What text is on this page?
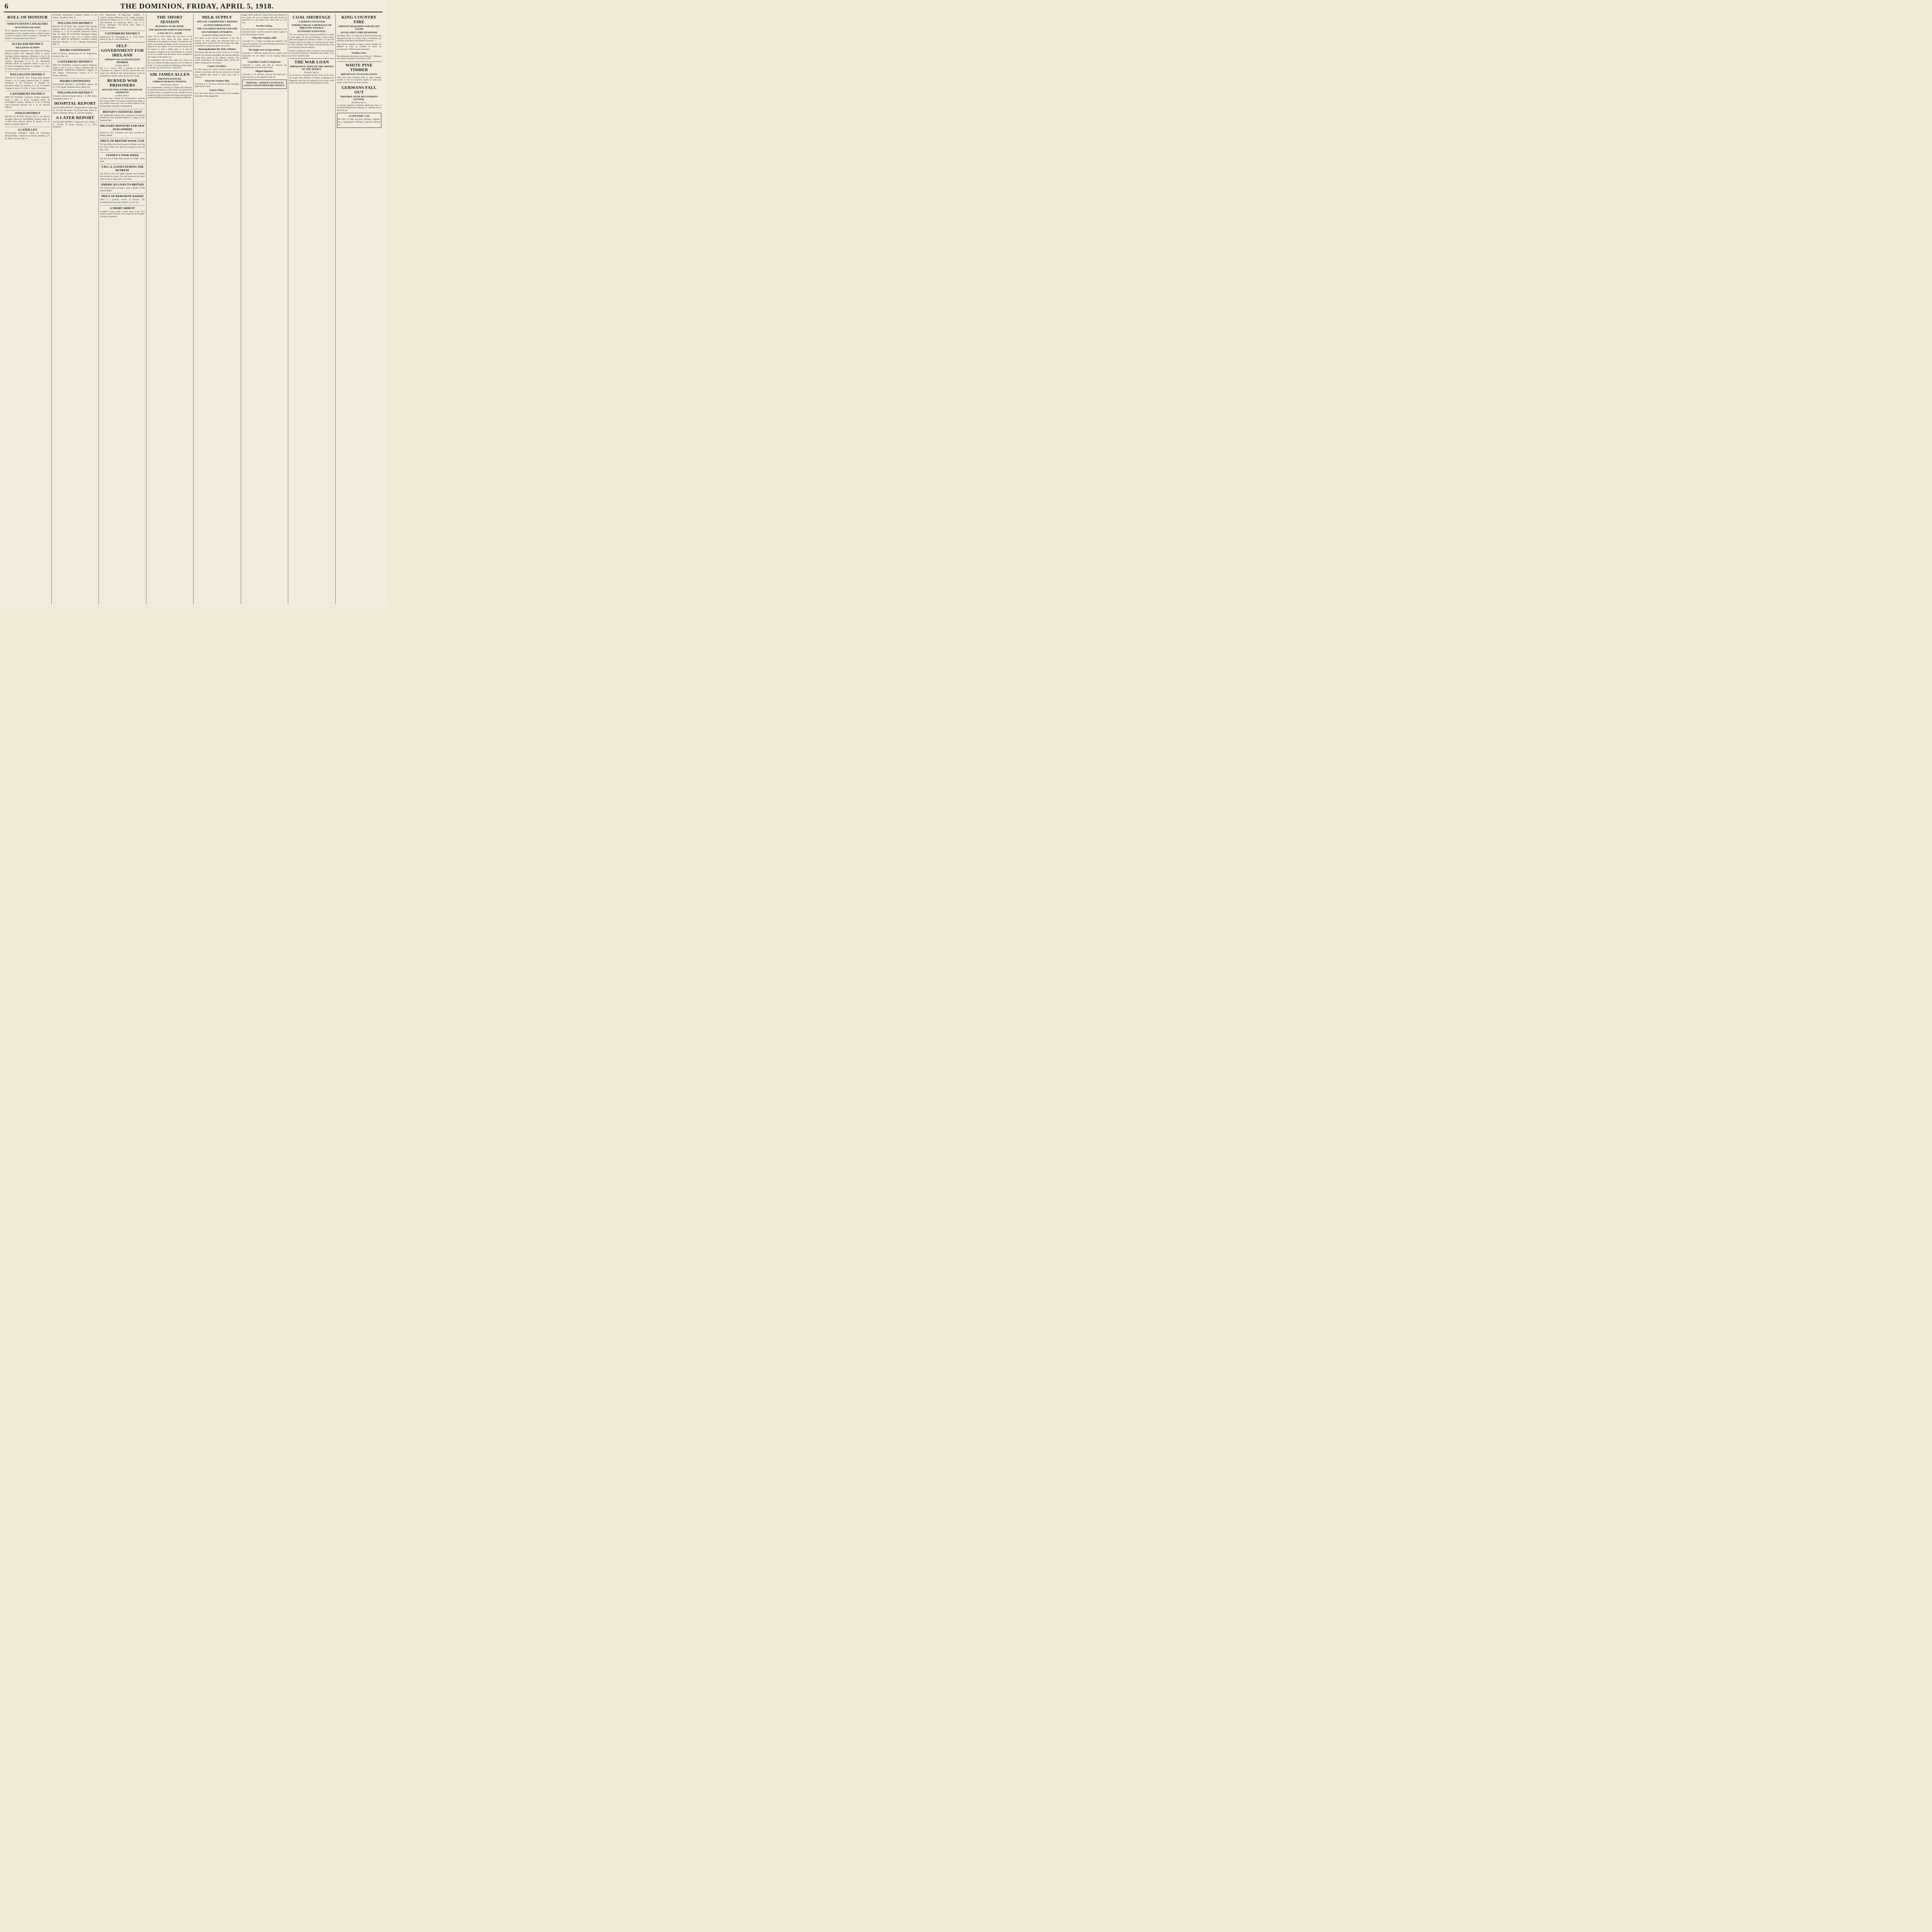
6	THE DOMINION, FRIDAY, APRIL 5, 1918.
ROLL OF HONOUR
NINETY-SEVEN CASUALTIES
SEVENTEEN DEATHS

Of 97 casualties reported yesterday, 17 are deaths. A classification of the casualties follows: Killed in action 5; Died of wounds 4; Died of sickness 1; Wounded 79. Totals 97. Detailed particulars follow:—

AUCKLAND DISTRICT
KILLED IN ACTION

Auckland Infantry Regiment. Prev. Reported Missing, Believed Killed, Now Reported Killed in Action. Auckland Infantry Regiment. M'Kenzie, L.-Cpl. R. B. (Mr. R. M'Kenzie, Otorohi), March 28. WOUNDED. Artillery. Macdonald, F. E. S. (H. Macdonald, Ellerslie), March 29. Engineers. Burns, L.-Cpl. H. C. (G. Burns, Kingsland), March 29. Tennant, T. J. (Mrs. E. Turner, England), March 29.

WELLINGTON DISTRICT

KILLED IN ACTION. New Zealand Rifle Brigade. Cooper, C. (S. S. Cooper, Waipawa), Mar. 27. Artillery. Thompson, S. (D. Thompson, 37 Islington St., Ponsonby), March 29. Bennett, A. E. (E. W. Bennett, Taradale), Carter, A. B. (Mrs. F. Carter, Te Karaka).

CANTERBURY DISTRICT

DIED OF WOUNDS. Canterbury Infantry Regiment. Bruce, J. (Mrs. G. Bruce, Scotland), March 30. WOUNDED. Artillery. Herring, E. A. (F. F. Herring, Cape Foulwind), Ricketts, Sdr. C. N. (E. Ricketts, Rakino).

OTAGO DISTRICT

KILLED IN ACTION. Record, Cpl. A. (A. Record, Dunedin), March 29. WOUNDED. Artillery. Allan, W. J. (Miss Allan, Roslyn), March 29. Bunter, J. R. (J. Bunter, Scotland), March 29.

A LATER LIST

AUCKLAND DISTRICT. DIED OF WOUNDS. Mounted Rifles—Machine Gun Section. Brikshaw, J. P. (E. Mayor, Victoria, Apr. 1).

Divisional Employment Company. Allison, A. (H. Allison, Wyndham), Mar. 31.

WELLINGTON DISTRICT

KILLED IN ACTION. New Zealand Rifle Brigade. Hopkins, 2nd Lt. V. P. (A. P. Hopkins, Bulls), Mar. 31. Lancaster, G. C. (E. B. Lancaster, Palmerston North), Mar. 29. DIED OF WOUNDS. Wellington Infantry Regiment. Jackson, L.-Sgt. J. (C. E. Jackson, India), Mar. 31. DIED OF SICKNESS. Canterbury Infantry Regiment. Morgan, J. S. (W. J. Morgan, Dannevirke), Mar. 31.

MAORI CONTINGENT

Died of Sickness. Rangitawhiti, W. (E. Rangitawhiti, Korinioti, Mar. 31).

CANTERBURY DISTRICT

DIED OF SICKNESS. Canterbury Infantry Regiment. Tanks, L.-Cpl. A. E. (E. G. Tanks, St. Albans), Mar. 30. WOUNDED, ADMITTED HOSPITAL. Elggins, W. (Mr. Elggins, Christchurch). Gordon, R. G. (A. Gordon, Balmain).

MAORI CONTINGENT

AUCKLAND DISTRICT. WOUNDED. Ngatai, 2nd Lt. T. (H. Ngatai, Whakarewarewa, March 31).

WELLINGTON DISTRICT

Wounded, Admitted Hospital. Rikes, L. H. (Mrs. Rikes, Porangahau), March 31.

HOSPITAL REPORT

AUCKLAND DISTRICT. Dangerously Ill. Olsen, Sgt. W., 12/5158, Devonport. Not Severe Cases. Ames, N., 25/821, Ashburton. Brown, F., 24/1269, Otahuhu.

A LATER REPORT

AUCKLAND DISTRICT. Dangerously Ill. Gallant, T. A., 42/1811, Te Aroha. Mischer, C. L., 29/75, Northcote.

Still Dangerously Ill—Improving. Abapsoo, J., 14/3271, Kaitaia. M'Kinnon, E. B., 18/846, Wanganui. Seriously Ill. Maisey, Lt. R. F. 24/2.1, 11/898, Mahoe. Still Seriously Ill—Improving. Rosch, Cpl. C. C., 24/111, Wellington. Not Severe Cases. Allen, G., 35/898, Wellington.

CANTERBURY DISTRICT

Dangerously Ill. Cunningham, P. A., 11/68, Hilton. Harwood, Sgt. P., 11/58, Ashburton.

SELF-GOVERNMENT FOR IRELAND
OPINION OF A CONVENTION MEMBER.
London, April 3.

Mr. S. L. Gwynn, M.P., a member of the Irish Convention, in a speech at Galway, said he had every belief and confidence that self-government would be established in Ireland within the next few months.

BURNED WAR PRISONERS
BAYONETING STORY DENIED BY GERMANY.
London, April 3.

A White Paper contains the correspondence between the Foreign Office of Germany regarding the death of the seamen Greenwood, who was taken prisoner in the Jutland Battle, and died at Brandenburg.

BRITAIN'S NATIONAL DEBT

The Independent Labour Party Conference at Leicester debated the most equitable method of wiping out the National Debt.

MILITARY HONOURS FOR NEW ZEALANDERS

Twenty-six New Zealanders have been awarded the Military Medal.

PRICE OF BRITISH WOOL CLIP

The War Office has fixed the price of British wool clip for 1918 at 50 per cent. above the average for June and July, 1914.

SYDNEY'S TANK WEEK

The first day of Tank Week realised £173,680.—Press Assn.

Y.M.C.A. LOSSES DURING THE RETREAT

The Y.M.C.A. has lost eighty canteens and recreation huts during the retreat. The staff destroyed the stores when it was no longer able to use them.

AMERICAN LOAN TO BRITAIN

The United States has made a loan to Britain of 200 million dollars.

PRICE OF KEROSENE RAISED

There is a growing scarcity of kerosene. The proclaimed price has been raised by 1d. per case.

A SMART ARREST

Constable Garvey made a smart arrest to-day. Two brothers named Windsor were wanted for the burglary of boats at Auckland.

THE SHORT SESSION
BUSINESS TO BE DONE
THE REINFORCEMENT QUESTION
CASE OF P. C. WEBB

There will be much matter that was more or less unexpected to come before the short session of Parliament to be opened on Tuesday. The business that had to come before the House and the Council was the approval of the Speech of the Governor-General and the motion to send a fitting reply to it, and the extension of support for the Government for a period of, say, six months until the House can be prepared to vote supply in the regular way.

No arrangement has yet been made as to who is to move the Address-in-Reply question, but it is likely to be Mr. J. P. Luke, member for Wellington North. There is also the case of Private P. C. Webb, M.P.

SIR JAMES ALLEN
PRESENTATION BY CHRISTCHURCH CITIZENS.
Christchurch, April 4.

At a representative meeting of citizens this afternoon an illuminated address in album form was presented to Sir James Allen in recognition of the valuable services rendered by him to the State and Empire during the ten months he filled the position of Acting Prime Minister.

MILK SUPPLY
SPECIAL COMMITTEE'S REPORT
ACTION IMPERATIVE
THE CLEARING HOUSE FAILURE
NO FURTHER ATTEMPTS
OTHER SCHEMES PROJECTED.

The report of the Special Committee of the City Council on milk supply was discussed fully at a meeting of the council held for the purpose last night. A resolution to adopt the report was carried.

Municipalisation the Only Solution.

The Mayor said that the council could not if it chose prevent the business proceeding, the precious question having been raised at the ordinary meeting. This would, according to the standing orders, prevent the matter coming up for six months.

Causes of Failure.

For this reason the council decided against the big scheme. It had been said that the farmers never would have fulfilled their threat to divert their milk to factories.

What the Vendors Did.

Councillor D. G. Norwood, chairman of the committee, spoke on the report.

Future Policy.

As to the future policy of the council, the committee had made certain suggestions.

supply office under the council and at the pleasure of the council. He was of opinion that milk should be purchased on a per gallon basis rather than at a flat rate.

No More Delay.

The result of the committee's inquiries led them to the conclusion that it would be proper for them to agree to the Clearing House scheme.

What the Vendors Did.

Councillor D. J. Wright seconded the resolution. He said that Councillor Norwood had taken great pains in dealing with this matter.

The Right Sort of Operations.

Councillor L. M'Kenzie agreed that the vendors were responsible for the failure of the Clearing House scheme.

Councillor Castle is Suspicious.

Councillor J. Castle said that he believed the committee had done much good work.

Alleged Injustice.

Councillor A. H. Atkinson said that the report put a grave injustice on the suppliers of the city.

"RHENOL" (SHAVE'S ESSENCE) SAVES COUGH MIXTURE MONEY.
COAL SHORTAGE
A SERIOUS OUTLOOK
STRIKES MEAN A SHORTAGE OF 6000 TONS WEEKLY
ECONOMY ESSENTIAL

The coal shortage that is being experienced in a more or less degree all over the Dominion is more serious than most people are inclined to believe. To state the position briefly, the supply of coal from all the mines in New Zealand, even though working full time, does not at present meet the demand.

Winter is coming on with a scarcity of coal in prospect for household purposes. Fortunately the weather so far has been extremely mild.

THE WAR LOAN
IMPERATIVE NEED OF THE WHOLE OF THE MONEY.
Dunedin, April 4.

In an interview regarding the War Loan, the Rt. Hon. Sir Joseph Ward, Minister of Finance, emphasised the imperative need for war purposes of the whole of the money that the public are being asked to provide.

KING COUNTRY FIRE
AMOUNT REQUIRED FOR RELIEF, £10,000
AUCKLAND'S FIRE RESPONSE.

The Mayor (Mr. J. P. Luke) has received the following telegram from Mr. W. J. Berry, Mayor of Ohakune, and chairman of the Bush Fires Relief Committee:—

Total amount required to make it barely possible for sufferers to carry on £10,000, of which we provisionally £7000 has been subscribed.

Further Lists.

The additional subscriptions are as follows:—Members of Licensed Victuallers' Association, £100.

WHITE PINE TIMBER
IMPORTANT INVESTIGATION.

There have been demands made by dairy interests recently to have the available supplies of white pine timber conserved for the dairy industry.

GERMANS FALL OUT
TROUBLE OVER MYSTERIOUS LETTER.
Auckland, April 4.

A German interned at Motuihi Island has been in Auckland Hospital since February 11, suffering from a fractured jaw.

A LIFETIME CAR.

Mr. John W. Betts, the great efficiency engineer, has, in designing the "Mitchell," aimed at a lifetime car.
